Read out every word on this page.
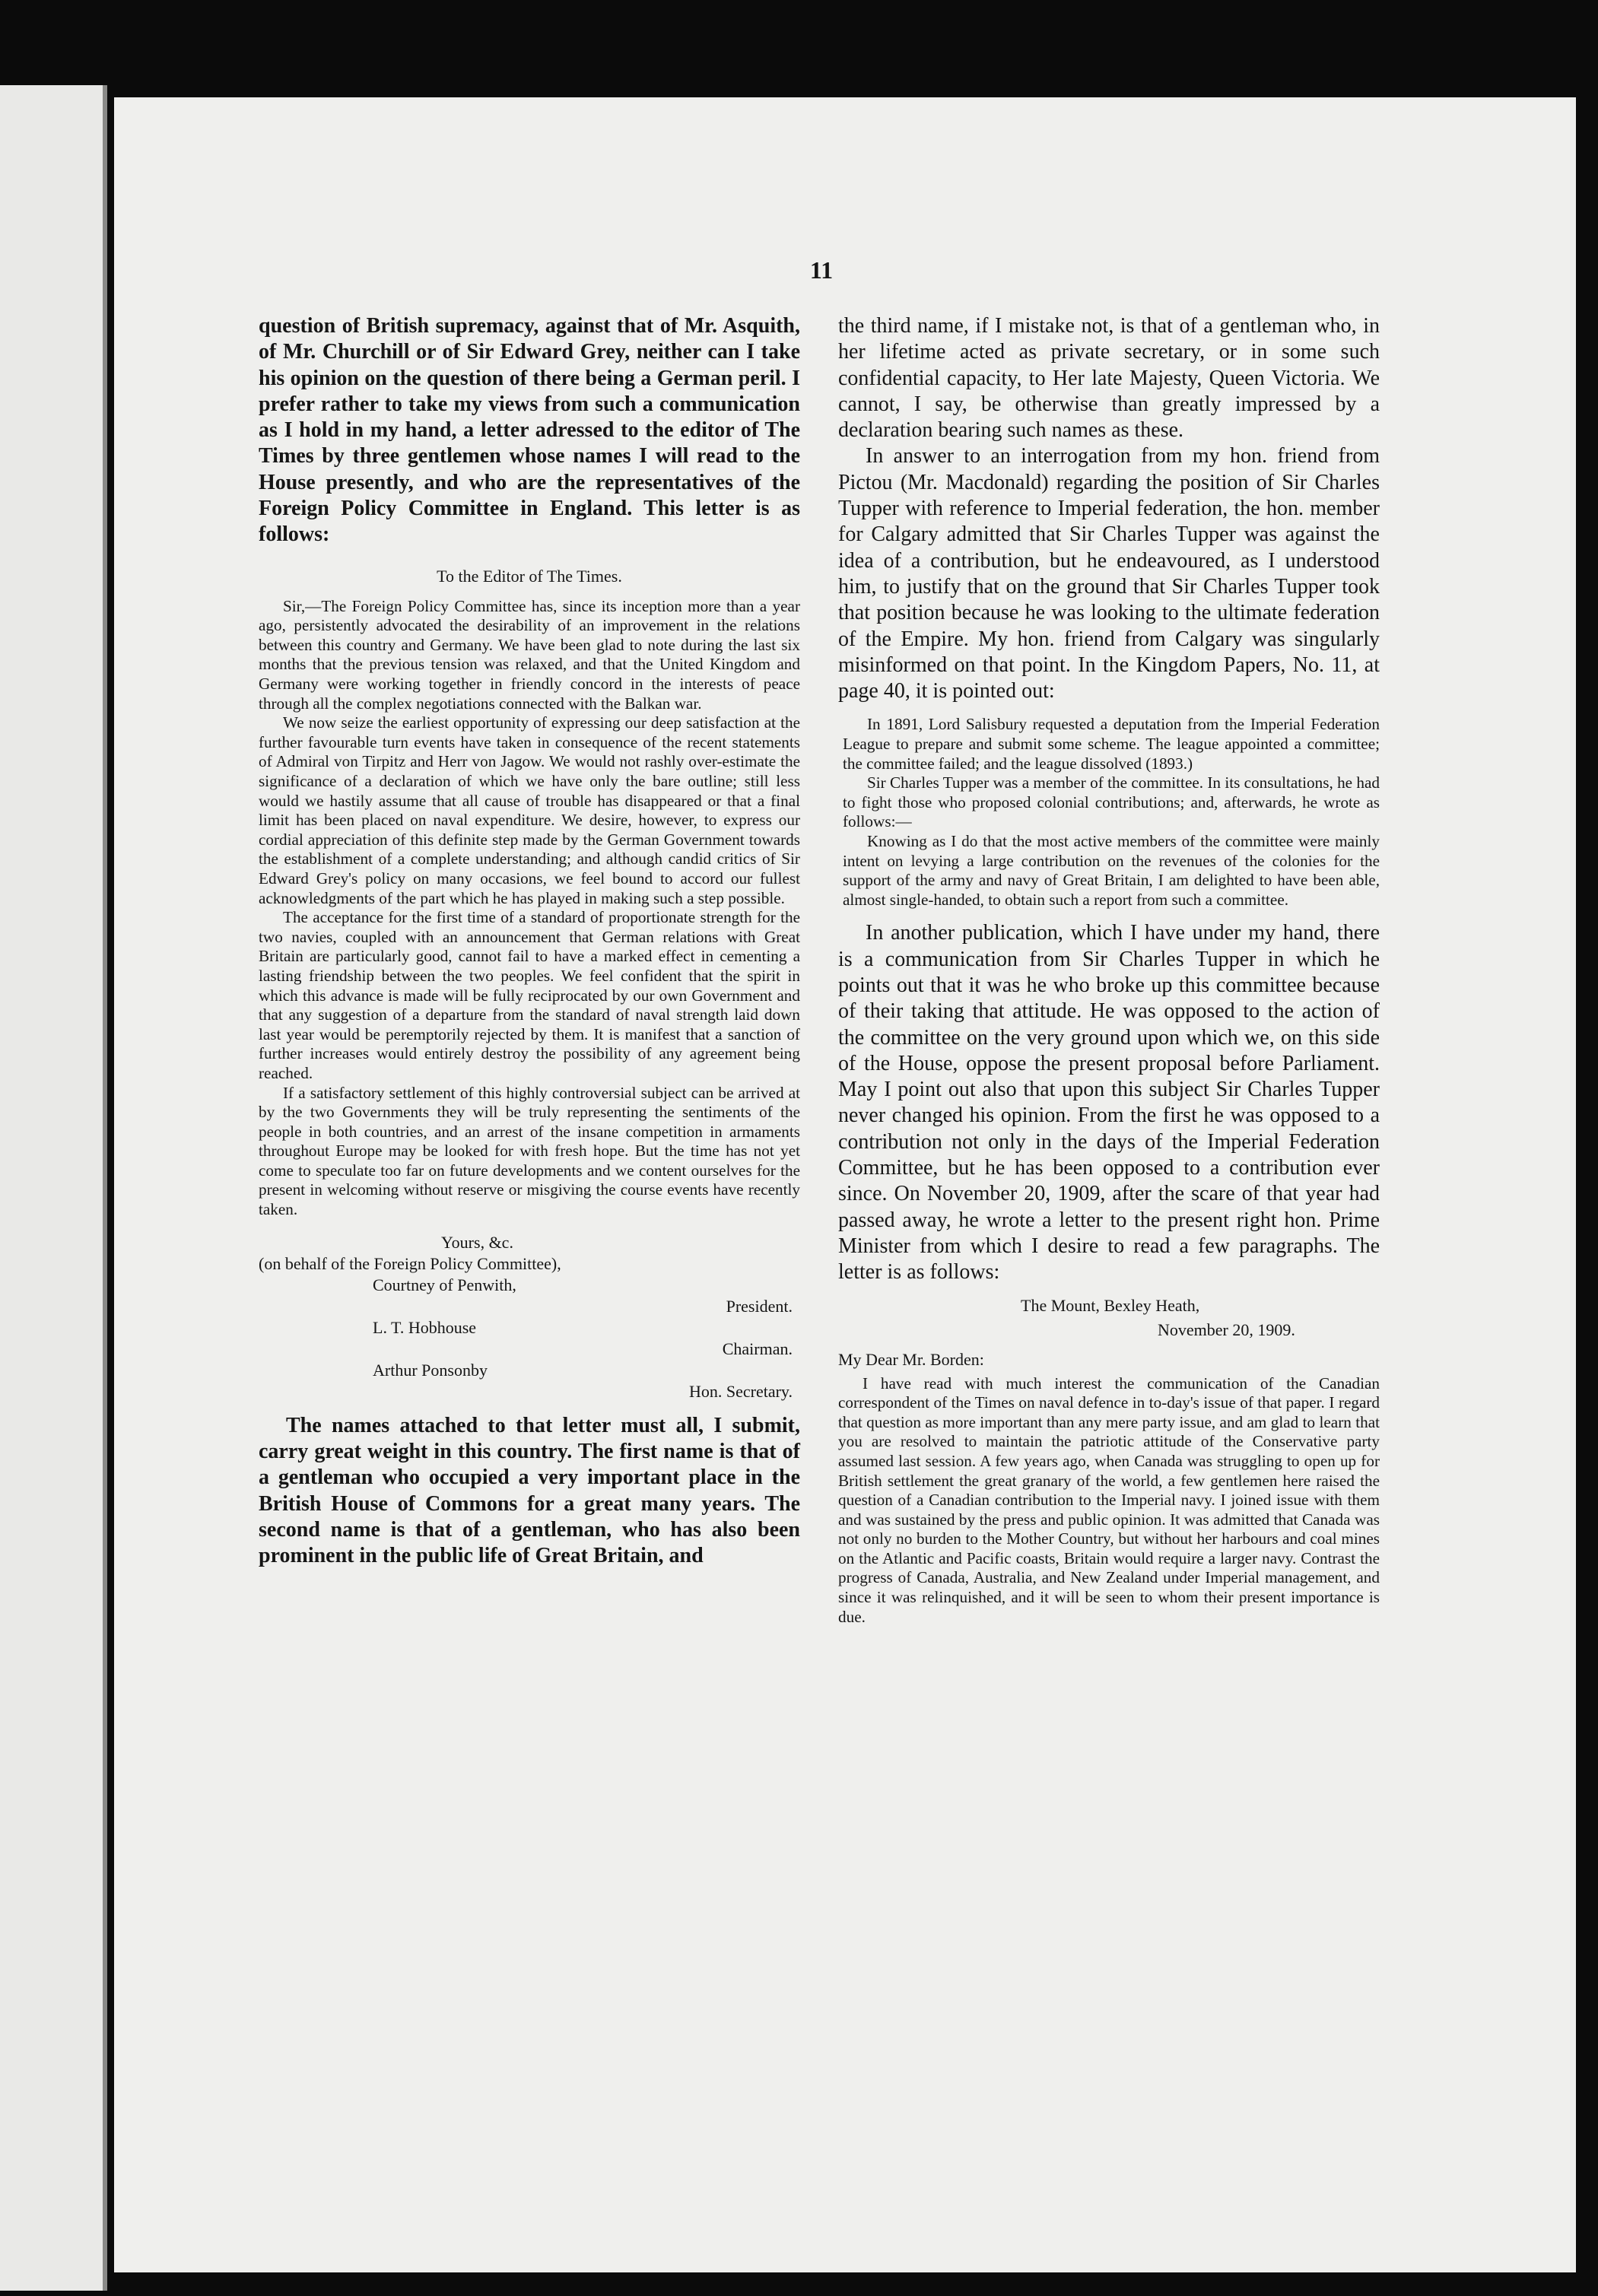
11

question of British supremacy, against that of Mr. Asquith, of Mr. Churchill or of Sir Edward Grey, neither can I take his opinion on the question of there being a German peril. I prefer rather to take my views from such a communication as I hold in my hand, a letter adressed to the editor of The Times by three gentlemen whose names I will read to the House presently, and who are the representatives of the Foreign Policy Committee in England. This letter is as follows:

To the Editor of The Times.

Sir,—The Foreign Policy Committee has, since its inception more than a year ago, persistently advocated the desirability of an improvement in the relations between this country and Germany. We have been glad to note during the last six months that the previous tension was relaxed, and that the United Kingdom and Germany were working together in friendly concord in the interests of peace through all the complex negotiations connected with the Balkan war.

We now seize the earliest opportunity of expressing our deep satisfaction at the further favourable turn events have taken in consequence of the recent statements of Admiral von Tirpitz and Herr von Jagow. We would not rashly over-estimate the significance of a declaration of which we have only the bare outline; still less would we hastily assume that all cause of trouble has disappeared or that a final limit has been placed on naval expenditure. We desire, however, to express our cordial appreciation of this definite step made by the German Government towards the establishment of a complete understanding; and although candid critics of Sir Edward Grey's policy on many occasions, we feel bound to accord our fullest acknowledgments of the part which he has played in making such a step possible.

The acceptance for the first time of a standard of proportionate strength for the two navies, coupled with an announcement that German relations with Great Britain are particularly good, cannot fail to have a marked effect in cementing a lasting friendship between the two peoples. We feel confident that the spirit in which this advance is made will be fully reciprocated by our own Government and that any suggestion of a departure from the standard of naval strength laid down last year would be peremptorily rejected by them. It is manifest that a sanction of further increases would entirely destroy the possibility of any agreement being reached.

If a satisfactory settlement of this highly controversial subject can be arrived at by the two Governments they will be truly representing the sentiments of the people in both countries, and an arrest of the insane competition in armaments throughout Europe may be looked for with fresh hope. But the time has not yet come to speculate too far on future developments and we content ourselves for the present in welcoming without reserve or misgiving the course events have recently taken.

Yours, &c.
(on behalf of the Foreign Policy Committee),
Courtney of Penwith,
President.
L. T. Hobhouse
Chairman.
Arthur Ponsonby
Hon. Secretary.

The names attached to that letter must all, I submit, carry great weight in this country. The first name is that of a gentleman who occupied a very important place in the British House of Commons for a great many years. The second name is that of a gentleman, who has also been prominent in the public life of Great Britain, and

the third name, if I mistake not, is that of a gentleman who, in her lifetime acted as private secretary, or in some such confidential capacity, to Her late Majesty, Queen Victoria. We cannot, I say, be otherwise than greatly impressed by a declaration bearing such names as these.

In answer to an interrogation from my hon. friend from Pictou (Mr. Macdonald) regarding the position of Sir Charles Tupper with reference to Imperial federation, the hon. member for Calgary admitted that Sir Charles Tupper was against the idea of a contribution, but he endeavoured, as I understood him, to justify that on the ground that Sir Charles Tupper took that position because he was looking to the ultimate federation of the Empire. My hon. friend from Calgary was singularly misinformed on that point. In the Kingdom Papers, No. 11, at page 40, it is pointed out:

In 1891, Lord Salisbury requested a deputation from the Imperial Federation League to prepare and submit some scheme. The league appointed a committee; the committee failed; and the league dissolved (1893.)

Sir Charles Tupper was a member of the committee. In its consultations, he had to fight those who proposed colonial contributions; and, afterwards, he wrote as follows:—

Knowing as I do that the most active members of the committee were mainly intent on levying a large contribution on the revenues of the colonies for the support of the army and navy of Great Britain, I am delighted to have been able, almost single-handed, to obtain such a report from such a committee.

In another publication, which I have under my hand, there is a communication from Sir Charles Tupper in which he points out that it was he who broke up this committee because of their taking that attitude. He was opposed to the action of the committee on the very ground upon which we, on this side of the House, oppose the present proposal before Parliament. May I point out also that upon this subject Sir Charles Tupper never changed his opinion. From the first he was opposed to a contribution not only in the days of the Imperial Federation Committee, but he has been opposed to a contribution ever since. On November 20, 1909, after the scare of that year had passed away, he wrote a letter to the present right hon. Prime Minister from which I desire to read a few paragraphs. The letter is as follows:

The Mount, Bexley Heath,
November 20, 1909.
My Dear Mr. Borden:

I have read with much interest the communication of the Canadian correspondent of the Times on naval defence in to-day's issue of that paper. I regard that question as more important than any mere party issue, and am glad to learn that you are resolved to maintain the patriotic attitude of the Conservative party assumed last session. A few years ago, when Canada was struggling to open up for British settlement the great granary of the world, a few gentlemen here raised the question of a Canadian contribution to the Imperial navy. I joined issue with them and was sustained by the press and public opinion. It was admitted that Canada was not only no burden to the Mother Country, but without her harbours and coal mines on the Atlantic and Pacific coasts, Britain would require a larger navy. Contrast the progress of Canada, Australia, and New Zealand under Imperial management, and since it was relinquished, and it will be seen to whom their present importance is due.
